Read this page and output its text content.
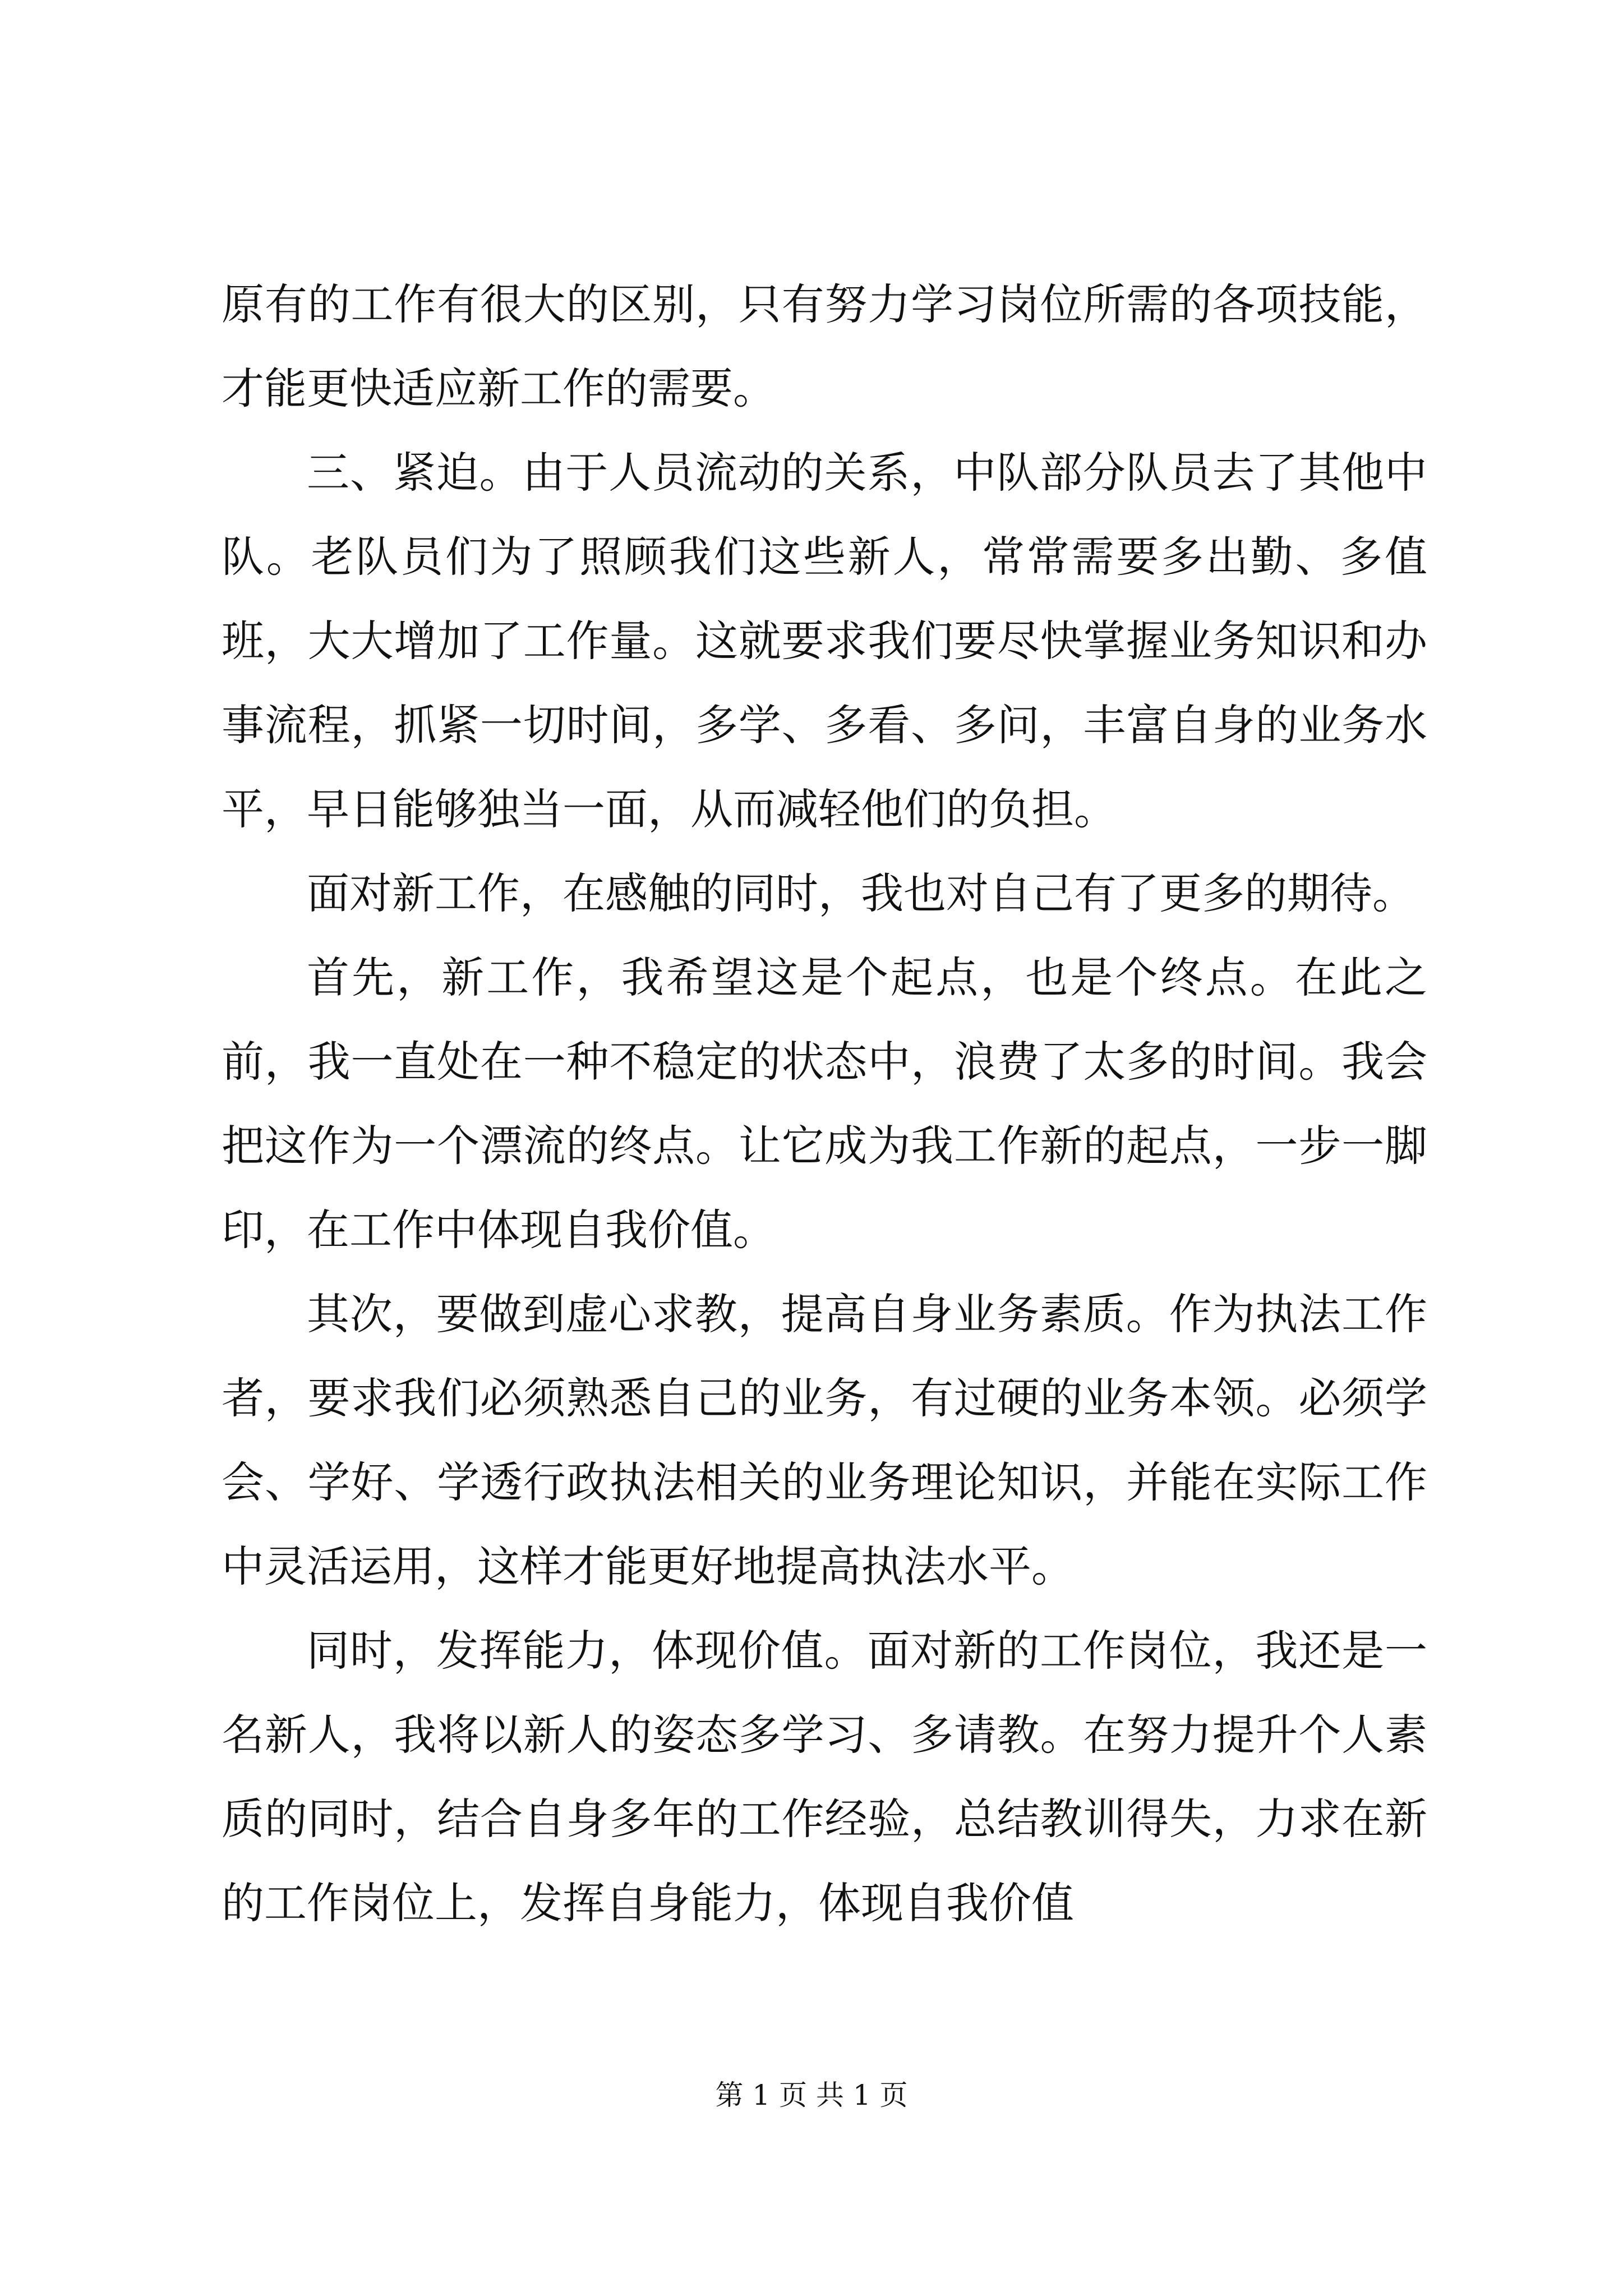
原有的工作有很大的区别，只有努力学习岗位所需的各项技能，才能更快适应新工作的需要。

三、紧迫。由于人员流动的关系，中队部分队员去了其他中队。老队员们为了照顾我们这些新人，常常需要多出勤、多值班，大大增加了工作量。这就要求我们要尽快掌握业务知识和办事流程，抓紧一切时间，多学、多看、多问，丰富自身的业务水平，早日能够独当一面，从而减轻他们的负担。

面对新工作，在感触的同时，我也对自己有了更多的期待。

首先，新工作，我希望这是个起点，也是个终点。在此之前，我一直处在一种不稳定的状态中，浪费了太多的时间。我会把这作为一个漂流的终点。让它成为我工作新的起点，一步一脚印，在工作中体现自我价值。

其次，要做到虚心求教，提高自身业务素质。作为执法工作者，要求我们必须熟悉自己的业务，有过硬的业务本领。必须学会、学好、学透行政执法相关的业务理论知识，并能在实际工作中灵活运用，这样才能更好地提高执法水平。

同时，发挥能力，体现价值。面对新的工作岗位，我还是一名新人，我将以新人的姿态多学习、多请教。在努力提升个人素质的同时，结合自身多年的工作经验，总结教训得失，力求在新的工作岗位上，发挥自身能力，体现自我价值

第 1 页 共 1 页
